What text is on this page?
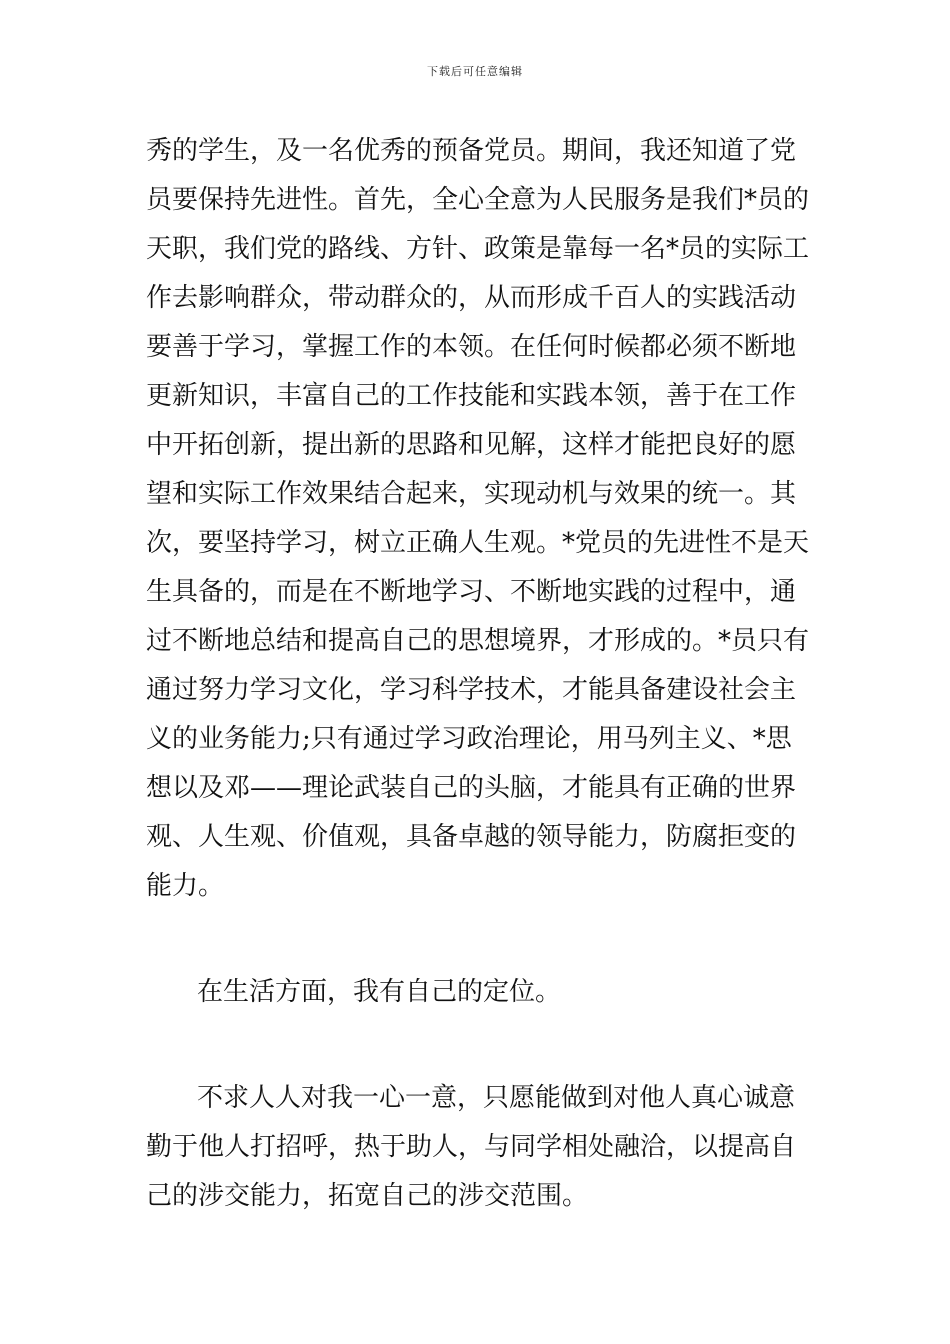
下载后可任意编辑
秀的学生，及一名优秀的预备党员。期间，我还知道了党
员要保持先进性。首先，全心全意为人民服务是我们*员的
天职，我们党的路线、方针、政策是靠每一名*员的实际工
作去影响群众，带动群众的，从而形成千百人的实践活动
要善于学习，掌握工作的本领。在任何时候都必须不断地
更新知识，丰富自己的工作技能和实践本领，善于在工作
中开拓创新，提出新的思路和见解，这样才能把良好的愿
望和实际工作效果结合起来，实现动机与效果的统一。其
次，要坚持学习，树立正确人生观。*党员的先进性不是天
生具备的，而是在不断地学习、不断地实践的过程中，通
过不断地总结和提高自己的思想境界，才形成的。*员只有
通过努力学习文化，学习科学技术，才能具备建设社会主
义的业务能力;只有通过学习政治理论，用马列主义、*思
想以及邓——理论武装自己的头脑，才能具有正确的世界
观、人生观、价值观，具备卓越的领导能力，防腐拒变的
能力。
在生活方面，我有自己的定位。
不求人人对我一心一意，只愿能做到对他人真心诚意
勤于他人打招呼，热于助人，与同学相处融洽，以提高自
己的涉交能力，拓宽自己的涉交范围。
